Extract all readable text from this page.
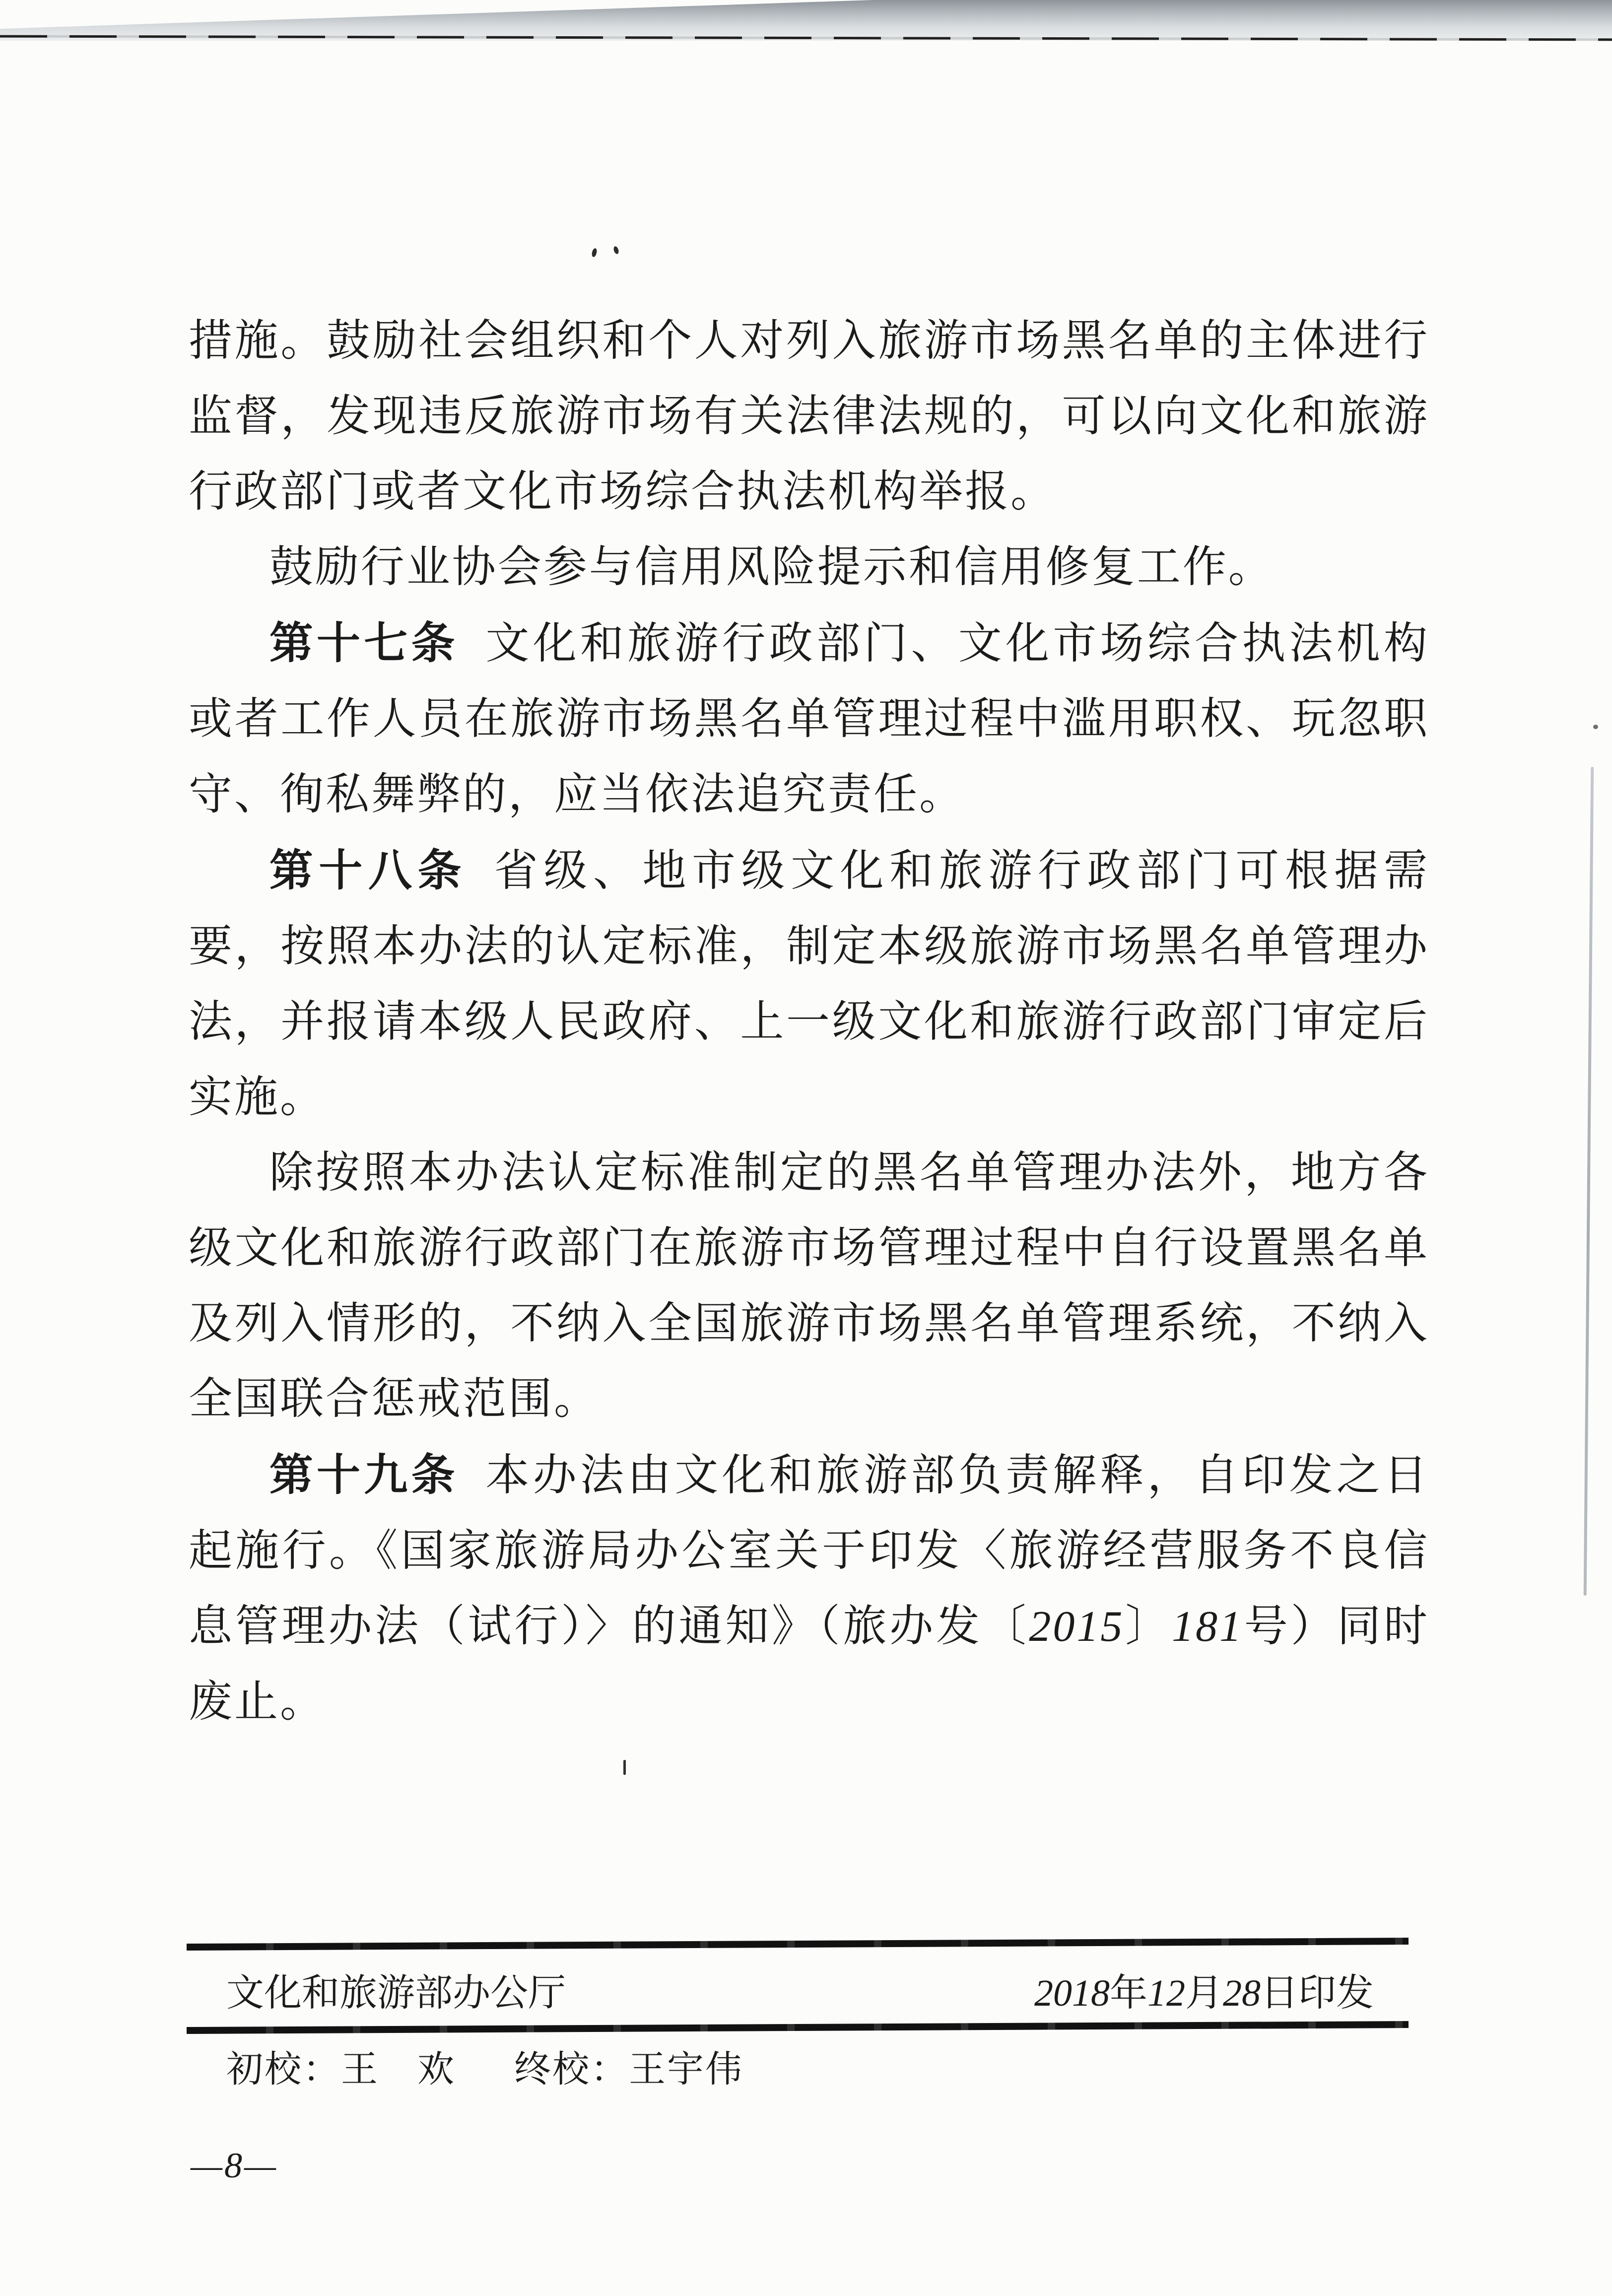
措施。鼓励社会组织和个人对列入旅游市场黑名单的主体进行监督，发现违反旅游市场有关法律法规的，可以向文化和旅游行政部门或者文化市场综合执法机构举报。

鼓励行业协会参与信用风险提示和信用修复工作。

第十七条 文化和旅游行政部门、文化市场综合执法机构或者工作人员在旅游市场黑名单管理过程中滥用职权、玩忽职守、徇私舞弊的，应当依法追究责任。

第十八条 省级、地市级文化和旅游行政部门可根据需要，按照本办法的认定标准，制定本级旅游市场黑名单管理办法，并报请本级人民政府、上一级文化和旅游行政部门审定后实施。

除按照本办法认定标准制定的黑名单管理办法外，地方各级文化和旅游行政部门在旅游市场管理过程中自行设置黑名单及列入情形的，不纳入全国旅游市场黑名单管理系统，不纳入全国联合惩戒范围。

第十九条 本办法由文化和旅游部负责解释，自印发之日起施行。《国家旅游局办公室关于印发〈旅游经营服务不良信息管理办法（试行）〉的通知》（旅办发〔2015〕181号）同时废止。

文化和旅游部办公厅	2018年12月28日印发
初校：王　欢 终校：王宇伟
—8—
